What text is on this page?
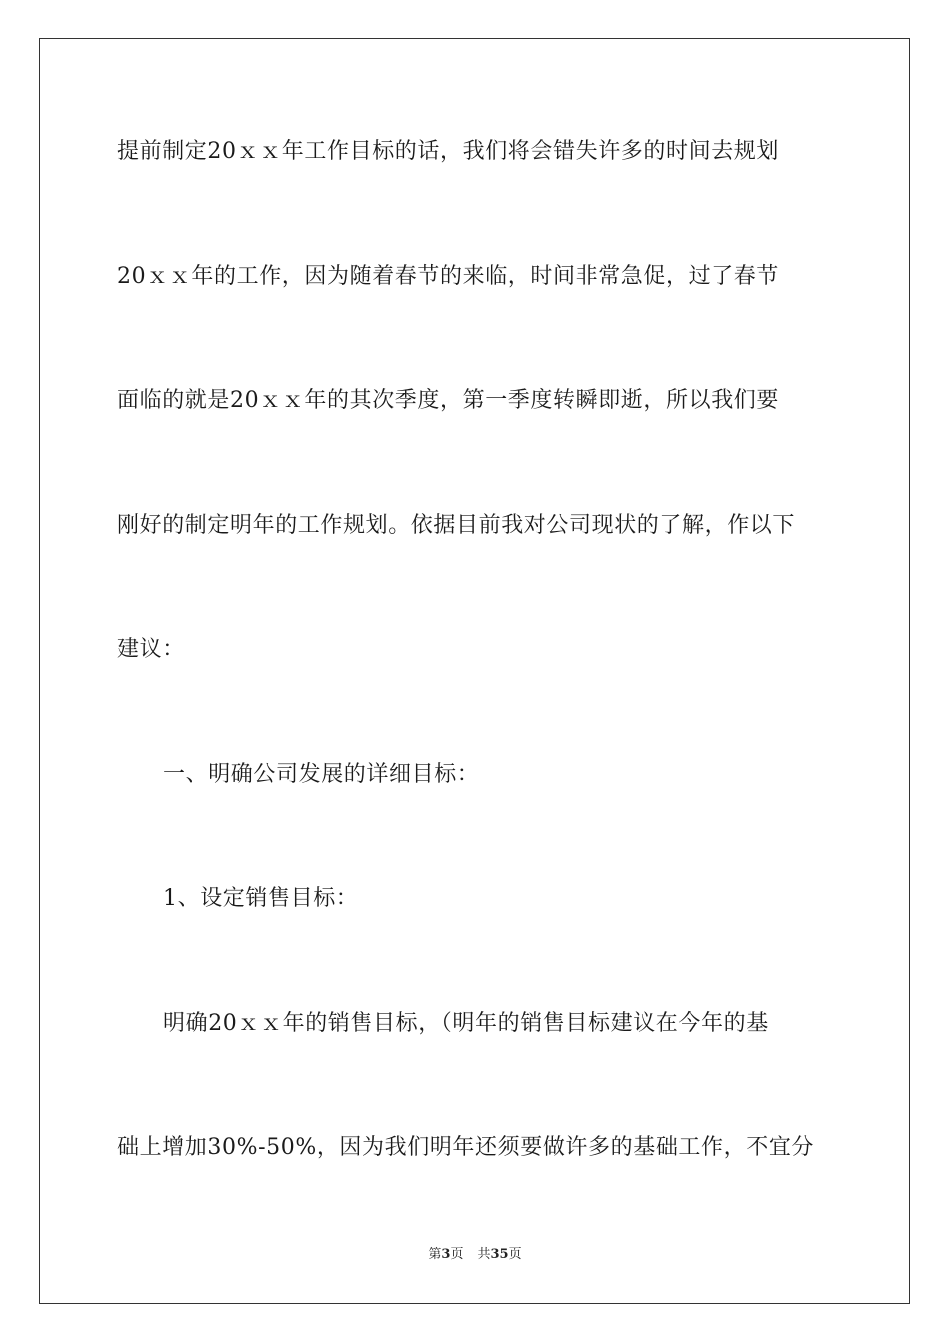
提前制定20ｘｘ年工作目标的话，我们将会错失许多的时间去规划
20ｘｘ年的工作，因为随着春节的来临，时间非常急促，过了春节
面临的就是20ｘｘ年的其次季度，第一季度转瞬即逝，所以我们要
刚好的制定明年的工作规划。依据目前我对公司现状的了解，作以下
建议：
一、明确公司发展的详细目标：
1、设定销售目标：
明确20ｘｘ年的销售目标，（明年的销售目标建议在今年的基
础上增加30%-50%，因为我们明年还须要做许多的基础工作，不宜分
第3页 共35页
